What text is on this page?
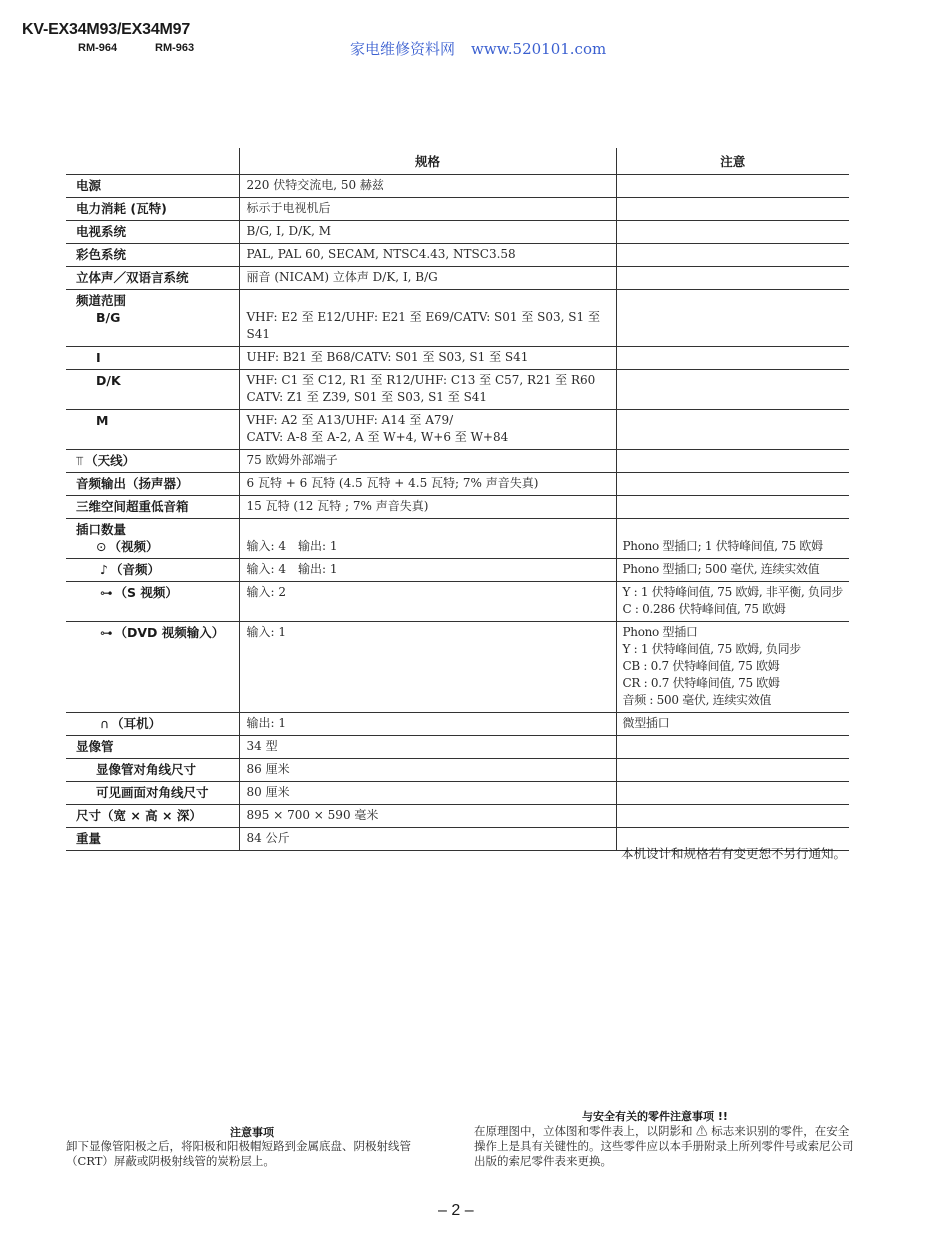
KV-EX34M93/EX34M97
RM-964	RM-963	家电维修资料网 www.520101.com
	规格	注意
电源	220 伏特交流电, 50 赫兹	
电力消耗 (瓦特)	标示于电视机后	
电视系统	B/G, I, D/K, M	
彩色系统	PAL, PAL 60, SECAM, NTSC4.43, NTSC3.58	
立体声／双语言系统	丽音 (NICAM) 立体声 D/K, I, B/G	
频道范围
B/G	VHF: E2 至 E12/UHF: E21 至 E69/CATV: S01 至 S03, S1 至 S41	
I	UHF: B21 至 B68/CATV: S01 至 S03, S1 至 S41	
D/K	VHF: C1 至 C12, R1 至 R12/UHF: C13 至 C57, R21 至 R60
CATV: Z1 至 Z39, S01 至 S03, S1 至 S41	
M	VHF: A2 至 A13/UHF: A14 至 A79/
CATV: A-8 至 A-2, A 至 W+4, W+6 至 W+84	
⫪ （天线）	75 欧姆外部端子	
音频输出（扬声器）	6 瓦特 + 6 瓦特 (4.5 瓦特 + 4.5 瓦特; 7% 声音失真)	
三维空间超重低音箱	15 瓦特 (12 瓦特 ; 7% 声音失真)	
插口数量
⊙ （视频）	输入: 4　输出: 1	Phono 型插口; 1 伏特峰间值, 75 欧姆
♪ （音频）	输入: 4　输出: 1	Phono 型插口; 500 毫伏, 连续实效值
⊶ （S 视频）	输入: 2	Y : 1 伏特峰间值, 75 欧姆, 非平衡, 负同步
C : 0.286 伏特峰间值, 75 欧姆
⊶ （DVD 视频输入）	输入: 1	Phono 型插口
Y : 1 伏特峰间值, 75 欧姆, 负同步
CB : 0.7 伏特峰间值, 75 欧姆
CR : 0.7 伏特峰间值, 75 欧姆
音频 : 500 毫伏, 连续实效值
∩ （耳机）	输出: 1	微型插口
显像管	34 型	
显像管对角线尺寸	86 厘米	
可见画面对角线尺寸	80 厘米	
尺寸（宽 × 高 × 深）	895 × 700 × 590 毫米	
重量	84 公斤	
本机设计和规格若有变更恕不另行通知。
注意事项
卸下显像管阳极之后，将阳极和阳极帽短路到金属底盘、阴极射线管（CRT）屏蔽或阴极射线管的炭粉层上。
与安全有关的零件注意事项 !!
在原理图中，立体图和零件表上，以阴影和 ⚠ 标志来识别的零件，在安全操作上是具有关键性的。这些零件应以本手册附录上所列零件号或索尼公司出版的索尼零件表来更换。
– 2 –
